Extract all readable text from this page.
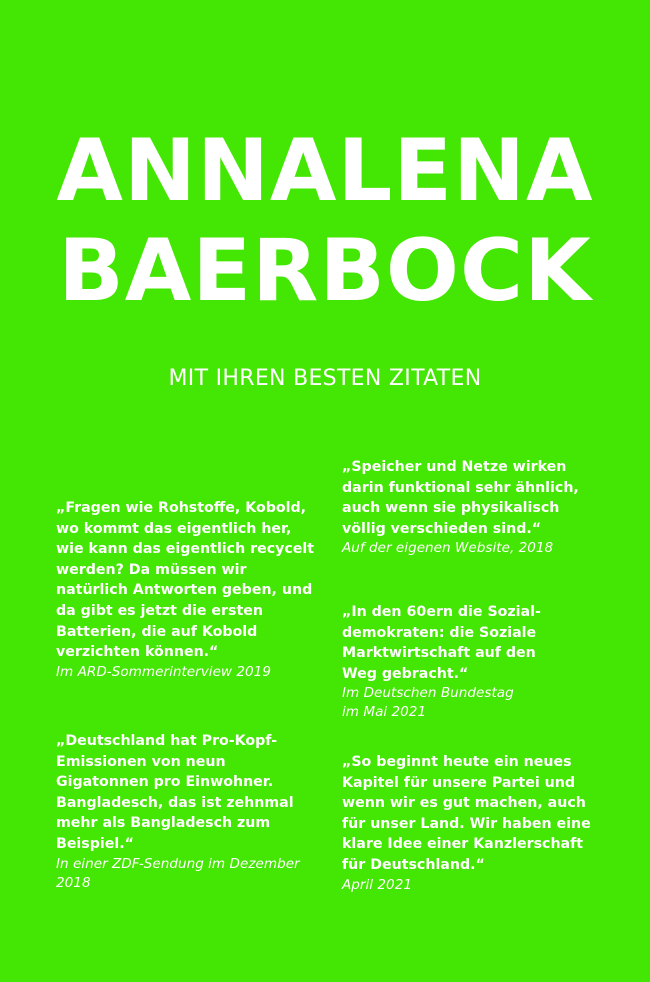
ANNALENA
BAERBOCK
MIT IHREN BESTEN ZITATEN
„Fragen wie Rohstoffe, Kobold,
wo kommt das eigentlich her,
wie kann das eigentlich recycelt
werden? Da müssen wir
natürlich Antworten geben, und
da gibt es jetzt die ersten
Batterien, die auf Kobold
verzichten können.“
Im ARD-Sommerinterview 2019
„Deutschland hat Pro-Kopf-
Emissionen von neun
Gigatonnen pro Einwohner.
Bangladesch, das ist zehnmal
mehr als Bangladesch zum
Beispiel.“
In einer ZDF-Sendung im Dezember
2018
„Speicher und Netze wirken
darin funktional sehr ähnlich,
auch wenn sie physikalisch
völlig verschieden sind.“
Auf der eigenen Website, 2018
„In den 60ern die Sozial-
demokraten: die Soziale
Marktwirtschaft auf den
Weg gebracht.“
Im Deutschen Bundestag
im Mai 2021
„So beginnt heute ein neues
Kapitel für unsere Partei und
wenn wir es gut machen, auch
für unser Land. Wir haben eine
klare Idee einer Kanzlerschaft
für Deutschland.“
April 2021
